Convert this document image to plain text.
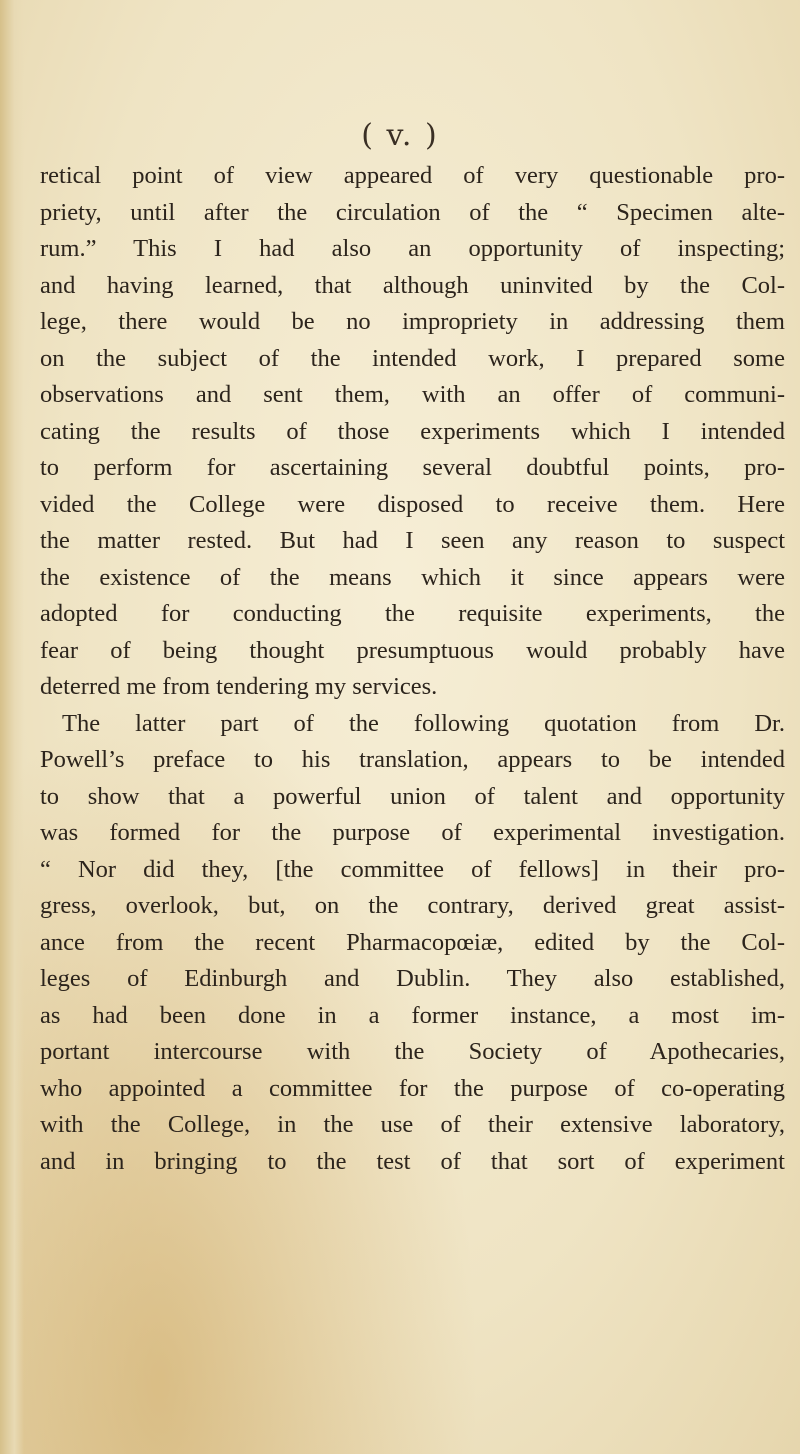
( v. )
retical point of view appeared of very questionable pro-
priety, until after the circulation of the “ Specimen alte-
rum.” This I had also an opportunity of inspecting;
and having learned, that although uninvited by the Col-
lege, there would be no impropriety in addressing them
on the subject of the intended work, I prepared some
observations and sent them, with an offer of communi-
cating the results of those experiments which I intended
to perform for ascertaining several doubtful points, pro-
vided the College were disposed to receive them. Here
the matter rested. But had I seen any reason to suspect
the existence of the means which it since appears were
adopted for conducting the requisite experiments, the
fear of being thought presumptuous would probably have
deterred me from tendering my services.
The latter part of the following quotation from Dr.
Powell’s preface to his translation, appears to be intended
to show that a powerful union of talent and opportunity
was formed for the purpose of experimental investigation.
“ Nor did they, [the committee of fellows] in their pro-
gress, overlook, but, on the contrary, derived great assist-
ance from the recent Pharmacopœiæ, edited by the Col-
leges of Edinburgh and Dublin. They also established,
as had been done in a former instance, a most im-
portant intercourse with the Society of Apothecaries,
who appointed a committee for the purpose of co-operating
with the College, in the use of their extensive laboratory,
and in bringing to the test of that sort of experiment
